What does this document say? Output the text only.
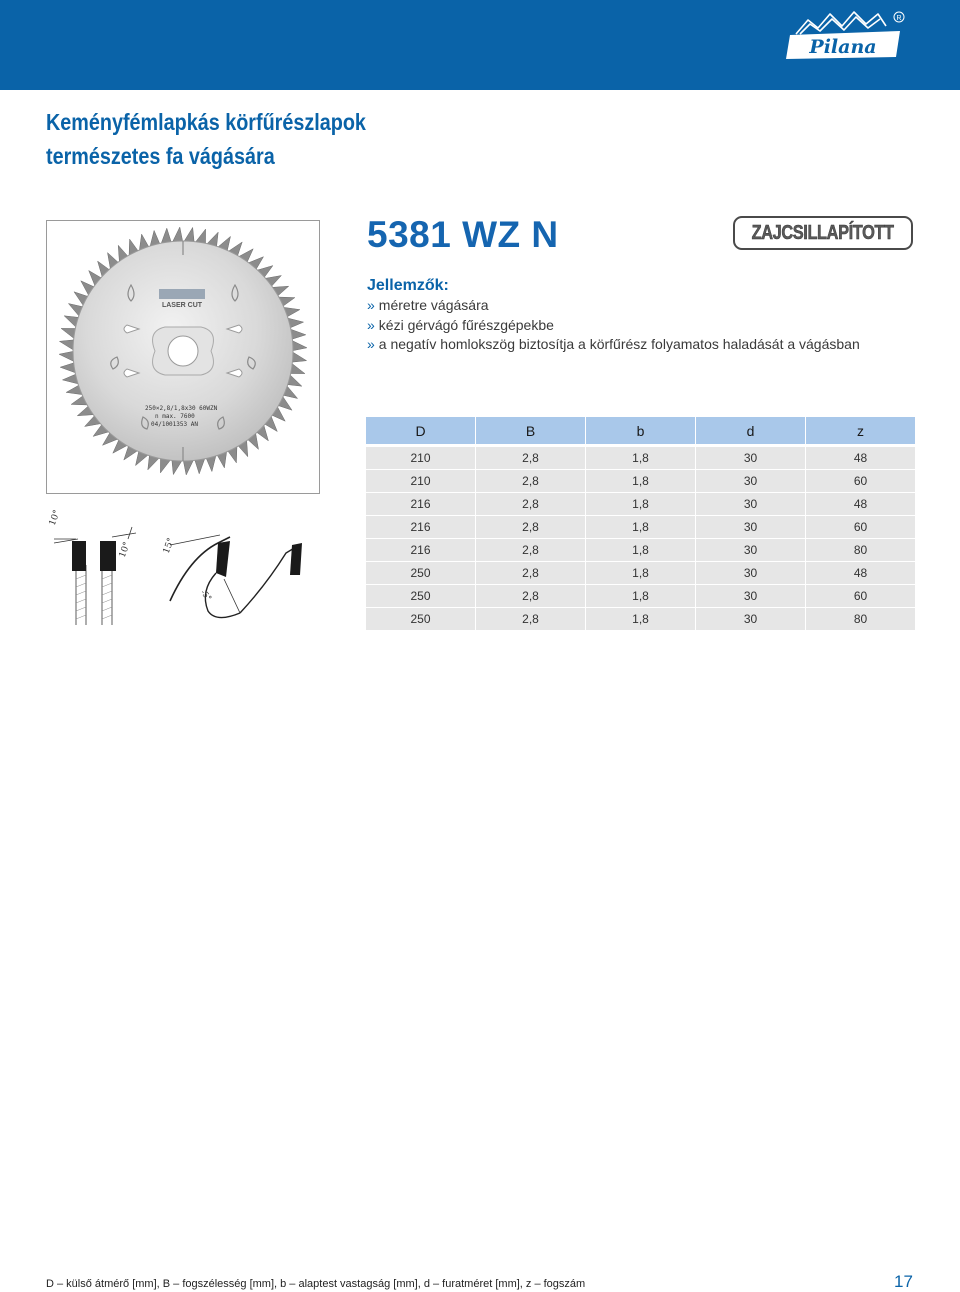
Pilana
R
Keményfémlapkás körfűrészlapok
természetes fa vágására
LASER CUT
250×2,8/1,8x30 60WZN
n max. 7600
04/1001353 AN
10°
10°	15°
-5°
5381 WZ N	ZAJCSILLAPÍTOTT
Jellemzők:
» méretre vágására
» kézi gérvágó fűrészgépekbe
» a negatív homlokszög biztosítja a körfűrész folyamatos haladását a vágásban
D	B	b	d	z
210	2,8	1,8	30	48
210	2,8	1,8	30	60
216	2,8	1,8	30	48
216	2,8	1,8	30	60
216	2,8	1,8	30	80
250	2,8	1,8	30	48
250	2,8	1,8	30	60
250	2,8	1,8	30	80
D – külső átmérő [mm], B – fogszélesség [mm], b – alaptest vastagság [mm], d – furatméret [mm], z – fogszám	17
